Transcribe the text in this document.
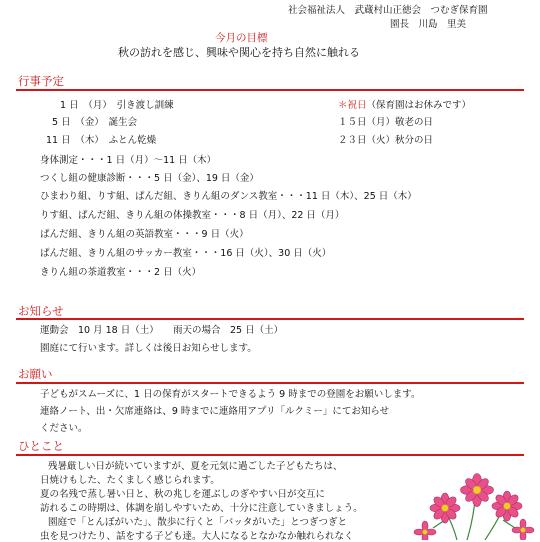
社会福祉法人　武蔵村山正徳会　つむぎ保育園
園長　川島　里美
今月の目標
秋の訪れを感じ、興味や関心を持ち自然に触れる
行事予定
1 日　（月）　引き渡し訓練
5 日　（金）　誕生会
11 日　（木）　ふとん乾燥
＊祝日（保育園はお休みです）
１５日（月）敬老の日
２３日（火）秋分の日
身体測定・・・1 日（月）～11 日（木）
つくし組の健康診断・・・5 日（金）、19 日（金）
ひまわり組、りす組、ぱんだ組、きりん組のダンス教室・・・11 日（木）、25 日（木）
りす組、ぱんだ組、きりん組の体操教室・・・8 日（月）、22 日（月）
ぱんだ組、きりん組の英語教室・・・9 日（火）
ぱんだ組、きりん組のサッカー教室・・・16 日（火）、30 日（火）
きりん組の茶道教室・・・2 日（火）
お知らせ
運動会　10 月 18 日（土）　　雨天の場合　25 日（土）
園庭にて行います。詳しくは後日お知らせします。
お願い
子どもがスムーズに、1 日の保育がスタートできるよう 9 時までの登園をお願いします。
連絡ノート、出・欠席連絡は、9 時までに連絡用アプリ「ルクミー」にてお知らせ
ください。
ひとこと
残暑厳しい日が続いていますが、夏を元気に過ごした子どもたちは、
日焼けもした、たくましく感じられます。
夏の名残で蒸し暑い日と、秋の兆しを運ぶしのぎやすい日が交互に
訪れるこの時期は、体調を崩しやすいため、十分に注意していきましょう。
園庭で「とんぼがいた」、散歩に行くと「バッタがいた」とつぎつぎと
虫を見つけたり、話をする子ども達。大人になるとなかなか触れられなく
